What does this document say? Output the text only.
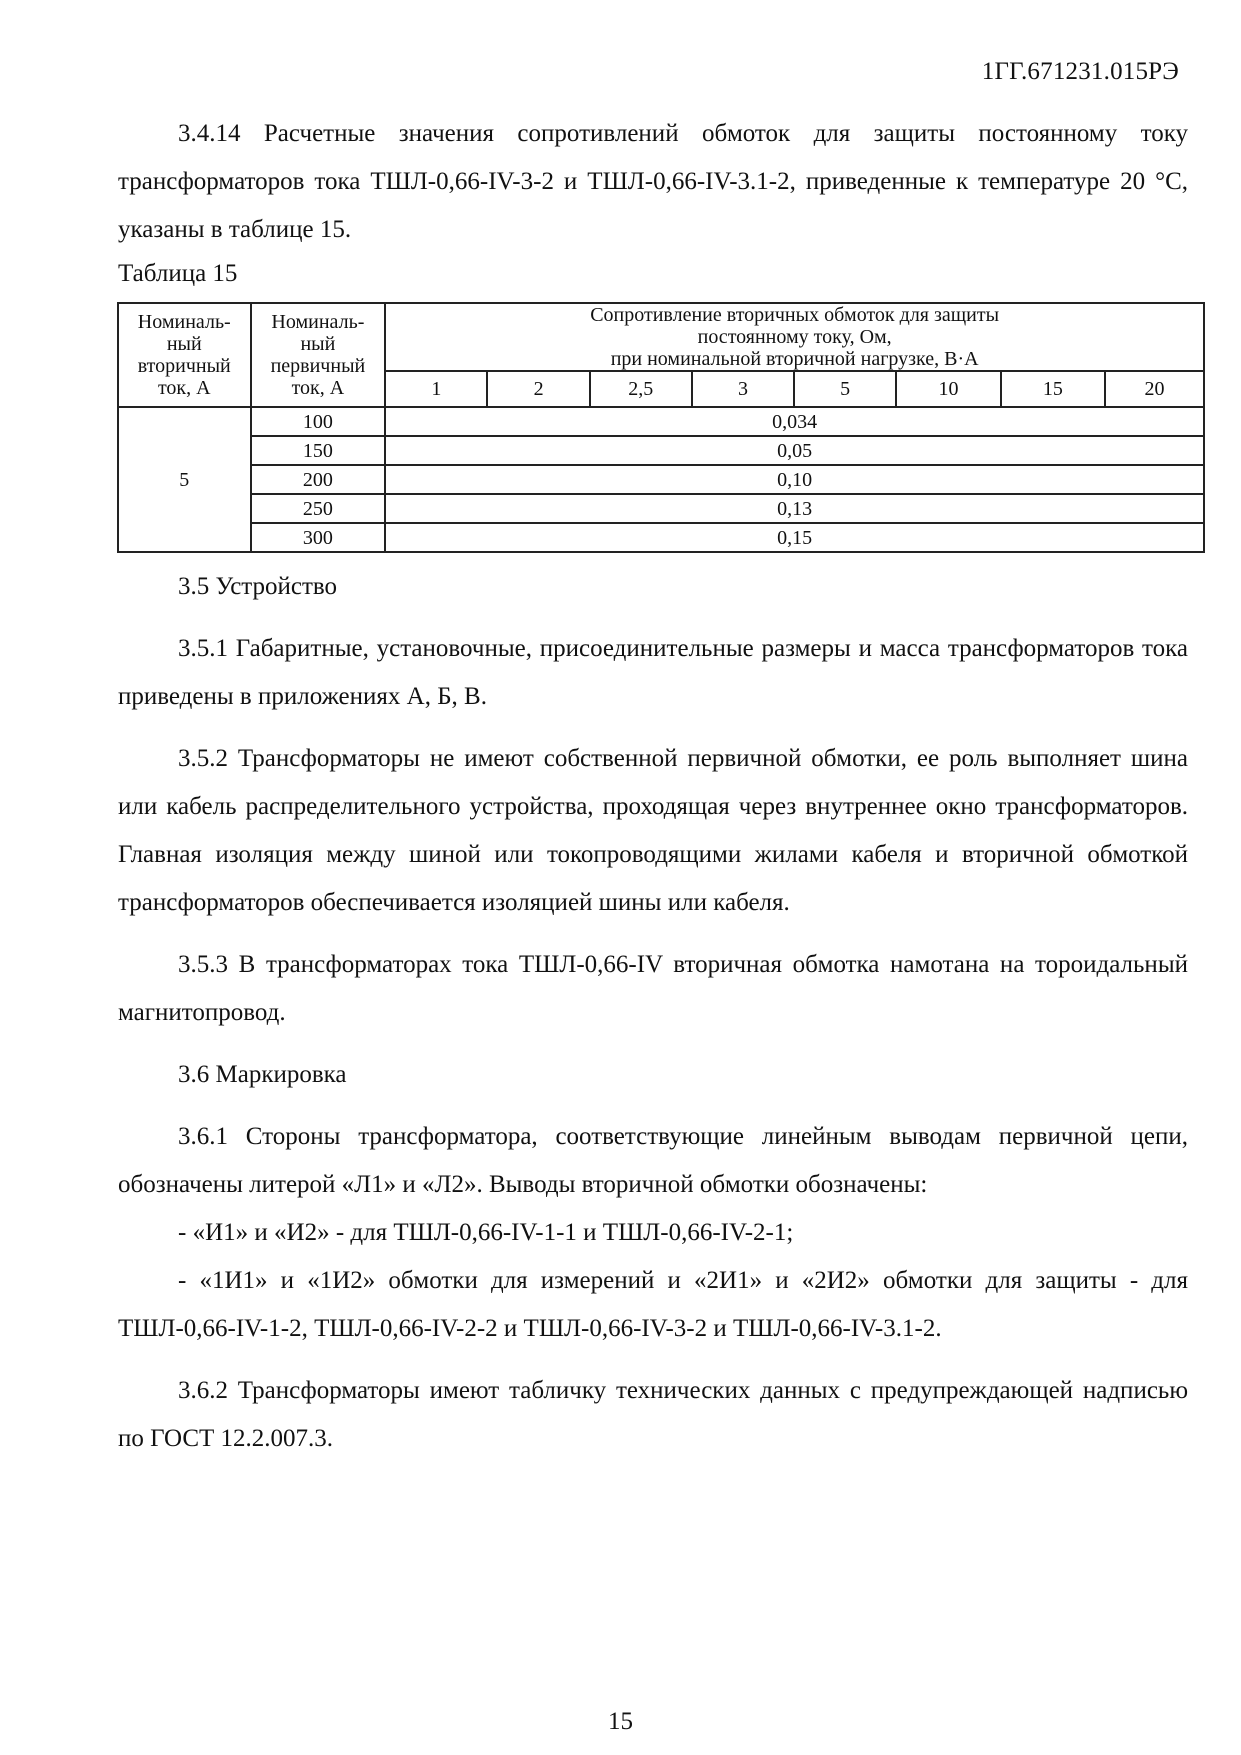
1ГГ.671231.015РЭ

3.4.14 Расчетные значения сопротивлений обмоток для защиты постоянному току трансформаторов тока ТШЛ-0,66-IV-3-2 и ТШЛ-0,66-IV-3.1-2, приведенные к температуре 20 °С, указаны в таблице 15.

Таблица 15
Номиналь-
ный
вторичный
ток, А	Номиналь-
ный
первичный
ток, А	Сопротивление вторичных обмоток для защиты
постоянному току, Ом,
при номинальной вторичной нагрузке, В·А							
		1	2	2,5	3	5	10	15	20
5	100	0,034							
	150	0,05							
	200	0,10							
	250	0,13							
	300	0,15							
3.5 Устройство

3.5.1 Габаритные, установочные, присоединительные размеры и масса трансформаторов тока приведены в приложениях А, Б, В.

3.5.2 Трансформаторы не имеют собственной первичной обмотки, ее роль выполняет шина или кабель распределительного устройства, проходящая через внутреннее окно трансформаторов. Главная изоляция между шиной или токопроводящими жилами кабеля и вторичной обмоткой трансформаторов обеспечивается изоляцией шины или кабеля.

3.5.3 В трансформаторах тока ТШЛ-0,66-IV вторичная обмотка намотана на тороидальный магнитопровод.

3.6 Маркировка

3.6.1 Стороны трансформатора, соответствующие линейным выводам первичной цепи, обозначены литерой «Л1» и «Л2». Выводы вторичной обмотки обозначены:

- «И1» и «И2» - для ТШЛ-0,66-IV-1-1 и ТШЛ-0,66-IV-2-1;

- «1И1» и «1И2» обмотки для измерений и «2И1» и «2И2» обмотки для защиты - для ТШЛ-0,66-IV-1-2, ТШЛ-0,66-IV-2-2 и ТШЛ-0,66-IV-3-2 и ТШЛ-0,66-IV-3.1-2.

3.6.2 Трансформаторы имеют табличку технических данных с предупреждающей надписью по ГОСТ 12.2.007.3.

15
